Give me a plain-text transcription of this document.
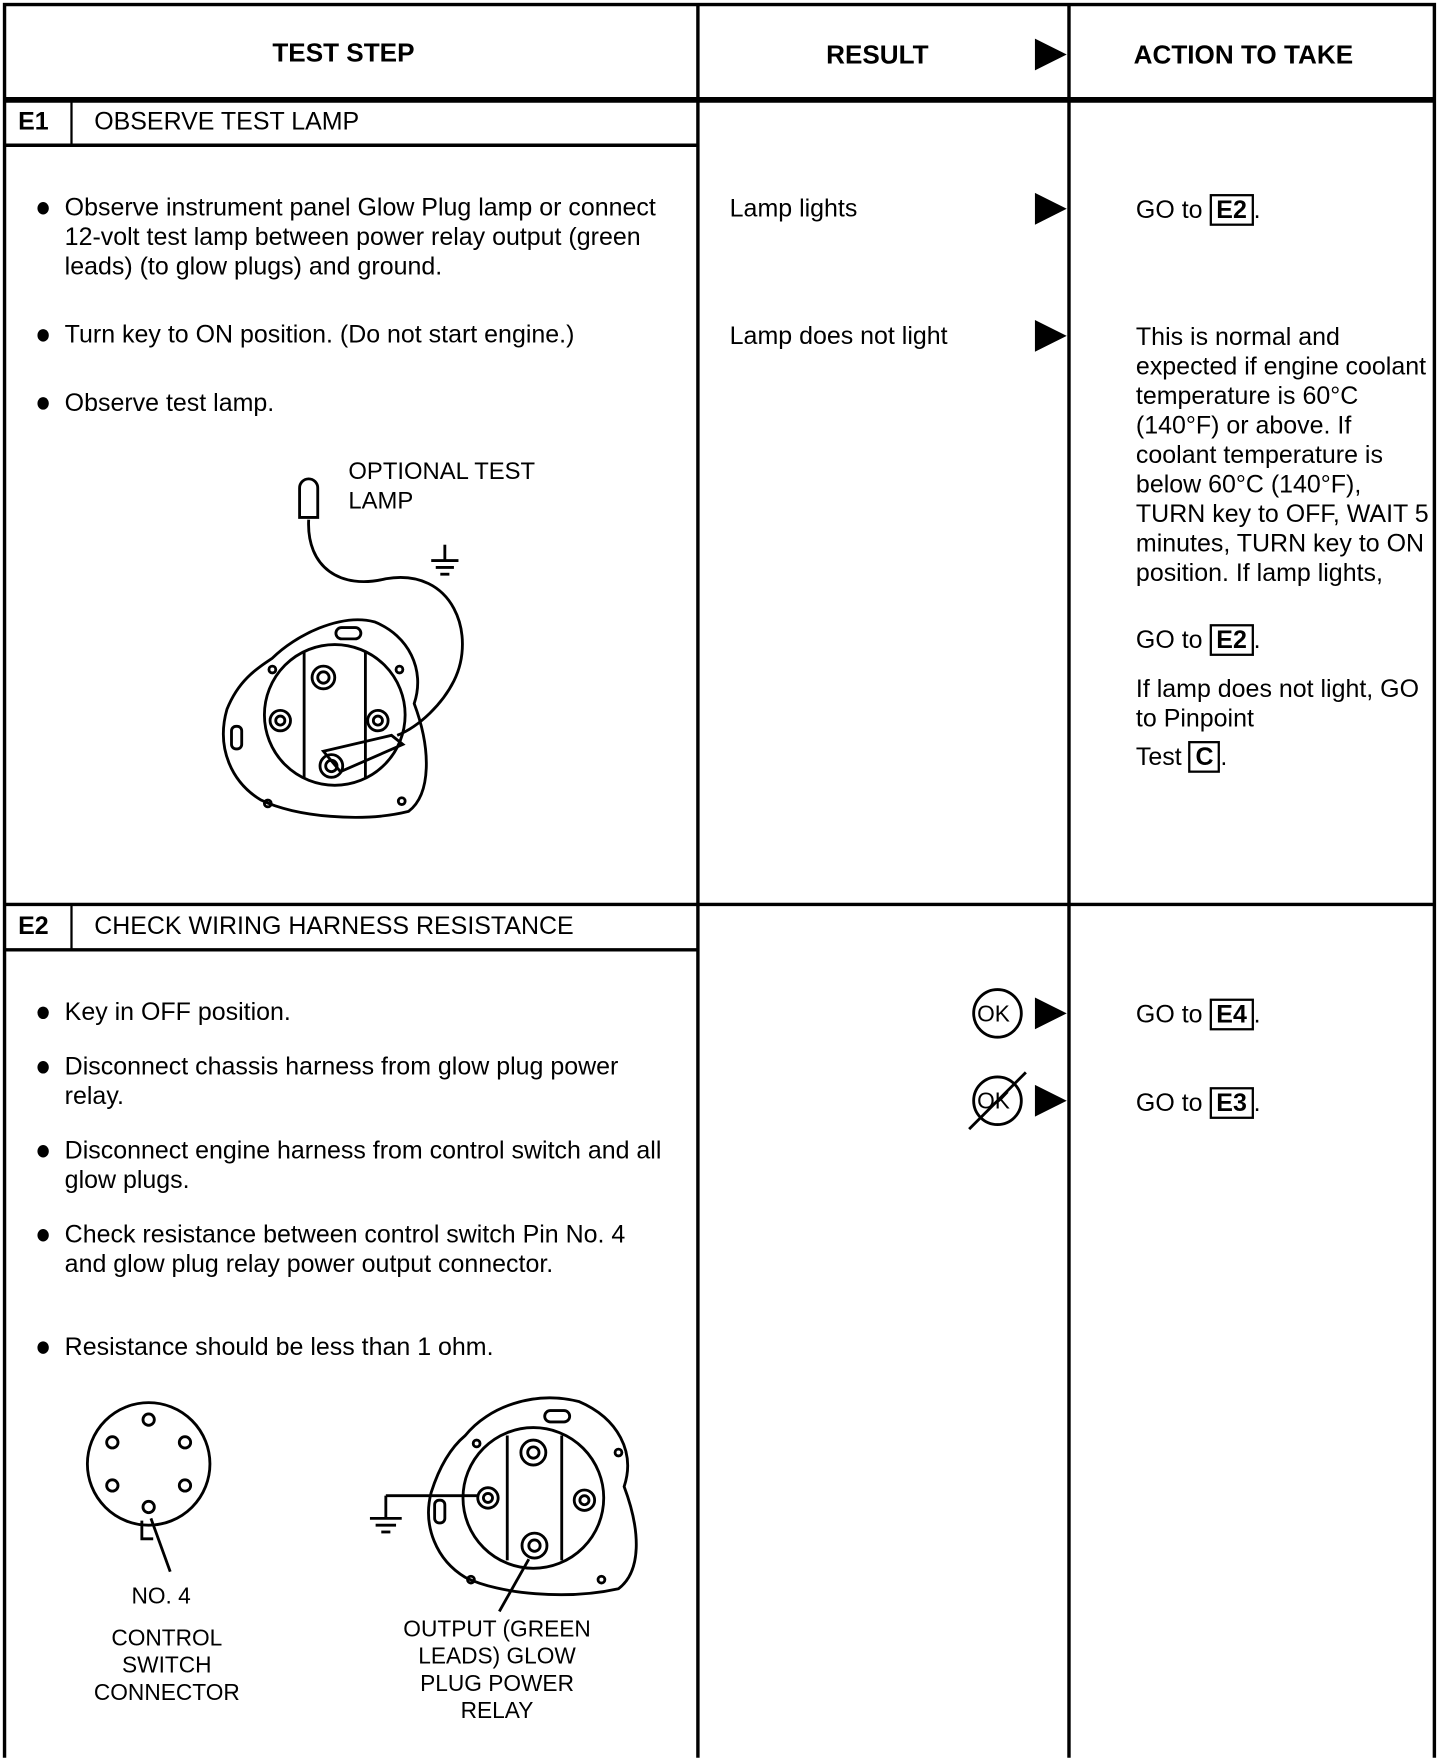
TEST STEP	RESULT	ACTION TO TAKE
E1 OBSERVE TEST LAMP
Observe instrument panel Glow Plug lamp or connect 12-volt test lamp between power relay output (green leads) (to glow plugs) and ground.
Turn key to ON position. (Do not start engine.)
Observe test lamp.
OPTIONAL TEST LAMP
Lamp lights
Lamp does not light
GO to E2 .
This is normal and expected if engine coolant temperature is 60°C (140°F) or above. If coolant temperature is below 60°C (140°F), TURN key to OFF, WAIT 5 minutes, TURN key to ON position. If lamp lights,
GO to E2 .
If lamp does not light, GO to Pinpoint
Test C .
E2 CHECK WIRING HARNESS RESISTANCE
Key in OFF position.
Disconnect chassis harness from glow plug power relay.
Disconnect engine harness from control switch and all glow plugs.
Check resistance between control switch Pin No. 4 and glow plug relay power output connector.
Resistance should be less than 1 ohm.
NO. 4
CONTROL SWITCH CONNECTOR
OUTPUT (GREEN LEADS) GLOW PLUG POWER RELAY
OK
OK
GO to E4 .
GO to E3 .
